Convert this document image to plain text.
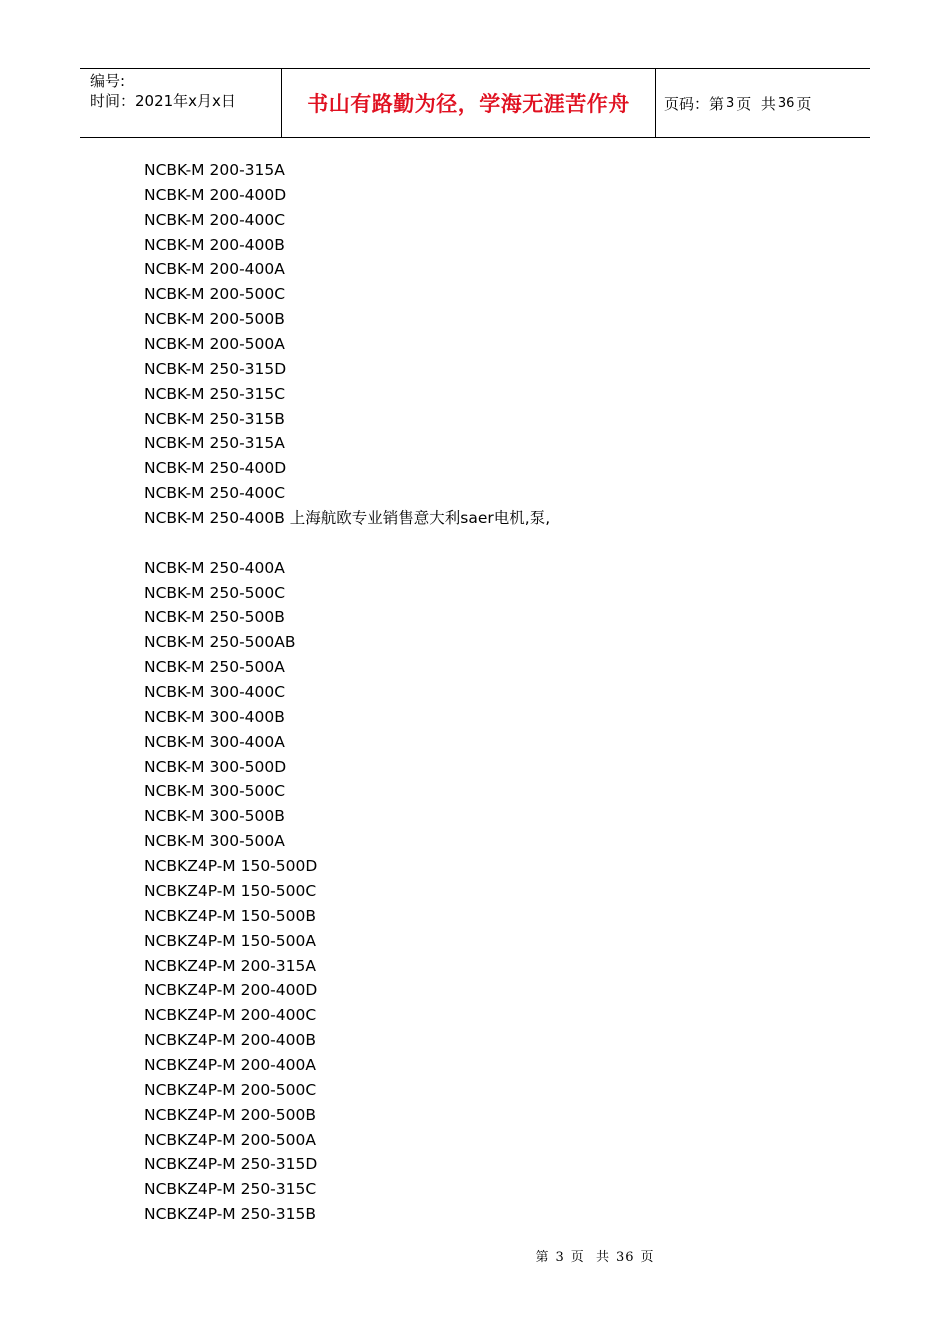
编号:
时间：2021年x月x日	书山有路勤为径，学海无涯苦作舟	页码：第 3 页  共 36 页
NCBK-M 200-315A
NCBK-M 200-400D
NCBK-M 200-400C
NCBK-M 200-400B
NCBK-M 200-400A
NCBK-M 200-500C
NCBK-M 200-500B
NCBK-M 200-500A
NCBK-M 250-315D
NCBK-M 250-315C
NCBK-M 250-315B
NCBK-M 250-315A
NCBK-M 250-400D
NCBK-M 250-400C
NCBK-M 250-400B 上海航欧专业销售意大利saer电机,泵,
NCBK-M 250-400A
NCBK-M 250-500C
NCBK-M 250-500B
NCBK-M 250-500AB
NCBK-M 250-500A
NCBK-M 300-400C
NCBK-M 300-400B
NCBK-M 300-400A
NCBK-M 300-500D
NCBK-M 300-500C
NCBK-M 300-500B
NCBK-M 300-500A
NCBKZ4P-M 150-500D
NCBKZ4P-M 150-500C
NCBKZ4P-M 150-500B
NCBKZ4P-M 150-500A
NCBKZ4P-M 200-315A
NCBKZ4P-M 200-400D
NCBKZ4P-M 200-400C
NCBKZ4P-M 200-400B
NCBKZ4P-M 200-400A
NCBKZ4P-M 200-500C
NCBKZ4P-M 200-500B
NCBKZ4P-M 200-500A
NCBKZ4P-M 250-315D
NCBKZ4P-M 250-315C
NCBKZ4P-M 250-315B
第 3 页 共 36 页
